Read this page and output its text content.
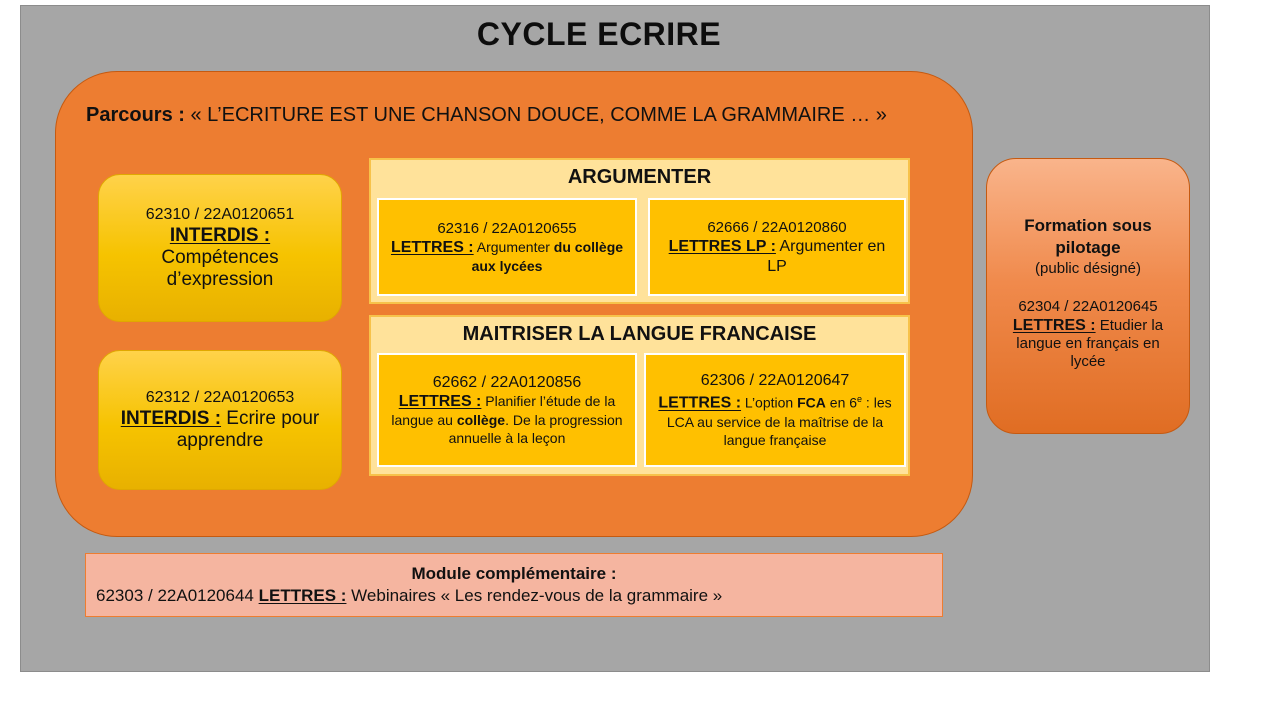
CYCLE ECRIRE
Parcours : « L’ECRITURE EST UNE CHANSON DOUCE, COMME LA GRAMMAIRE … »
62310 / 22A0120651
INTERDIS :
Compétences
d’expression
62312 / 22A0120653
INTERDIS : Ecrire pour
apprendre
ARGUMENTER
62316 / 22A0120655
LETTRES : Argumenter du collège aux lycées
62666 / 22A0120860
LETTRES LP : Argumenter en LP
MAITRISER LA LANGUE FRANCAISE
62662 / 22A0120856
LETTRES : Planifier l’étude de la langue au collège. De la progression annuelle à la leçon
62306 / 22A0120647
LETTRES : L’option FCA en 6e : les LCA au service de la maîtrise de la langue française
Formation sous pilotage
(public désigné)
62304 / 22A0120645
LETTRES : Etudier la langue en français en lycée
Module complémentaire :
62303 / 22A0120644 LETTRES : Webinaires « Les rendez-vous de la grammaire »
